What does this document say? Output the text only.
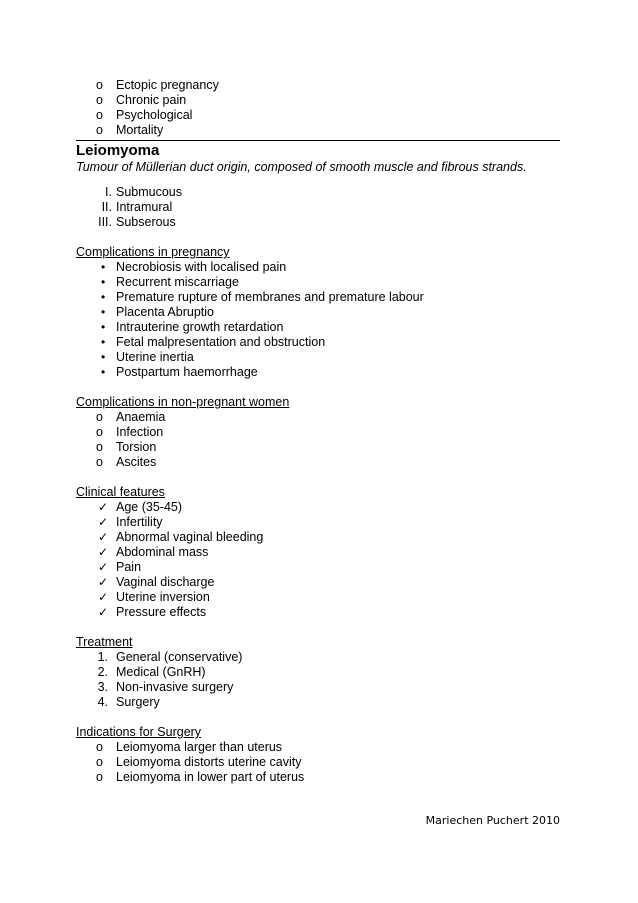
o Ectopic pregnancy
o Chronic pain
o Psychological
o Mortality
Leiomyoma
Tumour of Müllerian duct origin, composed of smooth muscle and fibrous strands.
I. Submucous
II. Intramural
III. Subserous
Complications in pregnancy
• Necrobiosis with localised pain
• Recurrent miscarriage
• Premature rupture of membranes and premature labour
• Placenta Abruptio
• Intrauterine growth retardation
• Fetal malpresentation and obstruction
• Uterine inertia
• Postpartum haemorrhage
Complications in non-pregnant women
o Anaemia
o Infection
o Torsion
o Ascites
Clinical features
✓ Age (35-45)
✓ Infertility
✓ Abnormal vaginal bleeding
✓ Abdominal mass
✓ Pain
✓ Vaginal discharge
✓ Uterine inversion
✓ Pressure effects
Treatment
1. General (conservative)
2. Medical (GnRH)
3. Non-invasive surgery
4. Surgery
Indications for Surgery
o Leiomyoma larger than uterus
o Leiomyoma distorts uterine cavity
o Leiomyoma in lower part of uterus
Mariechen Puchert 2010
